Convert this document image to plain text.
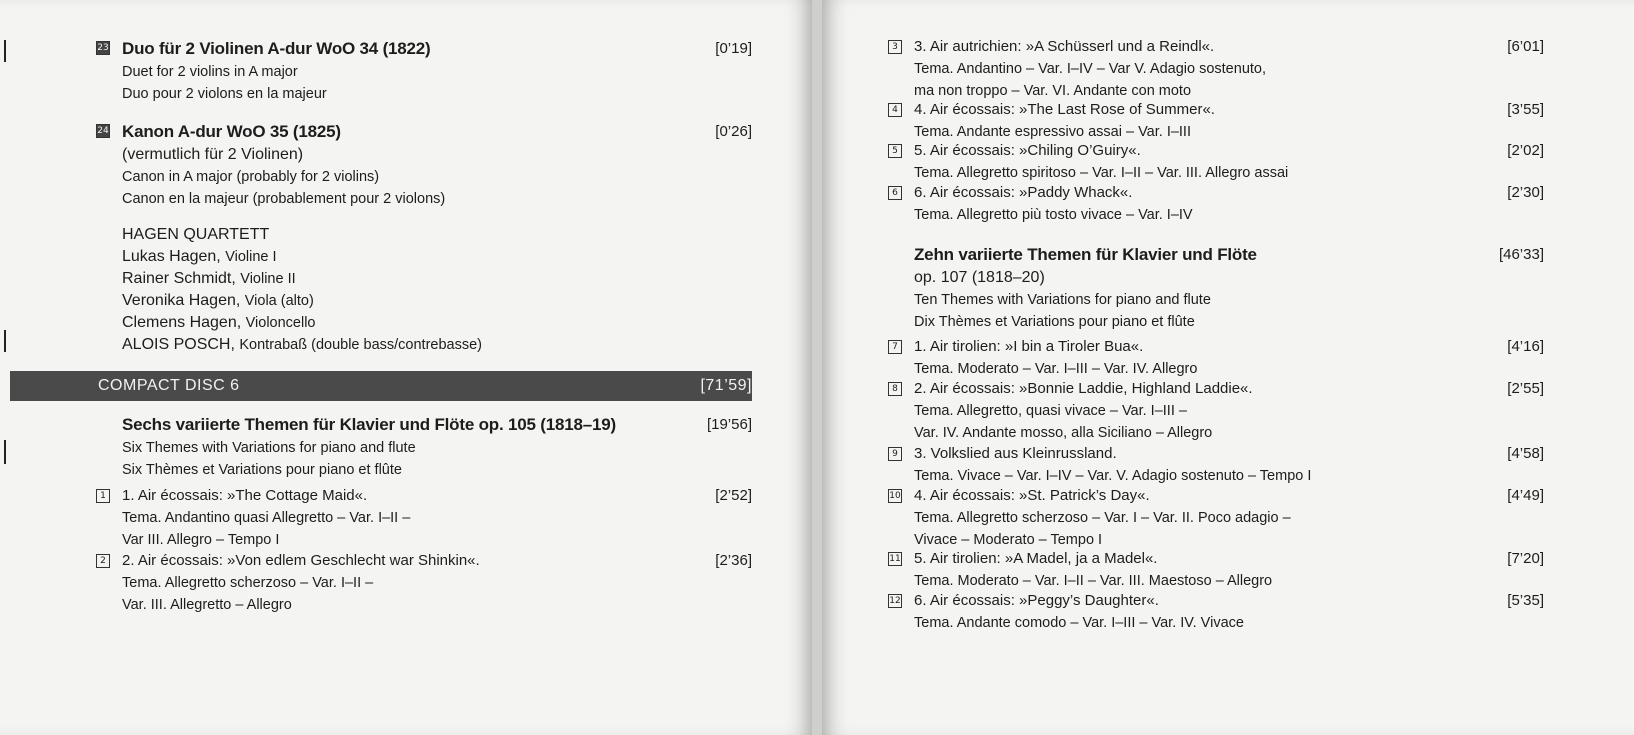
23 Duo für 2 Violinen A-dur WoO 34 (1822)	[0’19]
Duet for 2 violins in A major
Duo pour 2 violons en la majeur
24 Kanon A-dur WoO 35 (1825)	[0’26]
(vermutlich für 2 Violinen)
Canon in A major (probably for 2 violins)
Canon en la majeur (probablement pour 2 violons)
HAGEN QUARTETT
Lukas Hagen, Violine I
Rainer Schmidt, Violine II
Veronika Hagen, Viola (alto)
Clemens Hagen, Violoncello
ALOIS POSCH, Kontrabaß (double bass/contrebasse)
COMPACT DISC 6	[71’59]
Sechs variierte Themen für Klavier und Flöte op. 105 (1818–19)	[19’56]
Six Themes with Variations for piano and flute
Six Thèmes et Variations pour piano et flûte
1 1. Air écossais: »The Cottage Maid«.	[2’52]
Tema. Andantino quasi Allegretto – Var. I–II –
Var III. Allegro – Tempo I
2 2. Air écossais: »Von edlem Geschlecht war Shinkin«.	[2’36]
Tema. Allegretto scherzoso – Var. I–II –
Var. III. Allegretto – Allegro
3 3. Air autrichien: »A Schüsserl und a Reindl«.	[6’01]
Tema. Andantino – Var. I–IV – Var V. Adagio sostenuto,
ma non troppo – Var. VI. Andante con moto
4 4. Air écossais: »The Last Rose of Summer«.	[3’55]
Tema. Andante espressivo assai – Var. I–III
5 5. Air écossais: »Chiling O’Guiry«.	[2’02]
Tema. Allegretto spiritoso – Var. I–II – Var. III. Allegro assai
6 6. Air écossais: »Paddy Whack«.	[2’30]
Tema. Allegretto più tosto vivace – Var. I–IV
Zehn variierte Themen für Klavier und Flöte	[46’33]
op. 107 (1818–20)
Ten Themes with Variations for piano and flute
Dix Thèmes et Variations pour piano et flûte
7 1. Air tirolien: »I bin a Tiroler Bua«.	[4’16]
Tema. Moderato – Var. I–III – Var. IV. Allegro
8 2. Air écossais: »Bonnie Laddie, Highland Laddie«.	[2’55]
Tema. Allegretto, quasi vivace – Var. I–III –
Var. IV. Andante mosso, alla Siciliano – Allegro
9 3. Volkslied aus Kleinrussland.	[4’58]
Tema. Vivace – Var. I–IV – Var. V. Adagio sostenuto – Tempo I
10 4. Air écossais: »St. Patrick’s Day«.	[4’49]
Tema. Allegretto scherzoso – Var. I – Var. II. Poco adagio –
Vivace – Moderato – Tempo I
11 5. Air tirolien: »A Madel, ja a Madel«.	[7’20]
Tema. Moderato – Var. I–II – Var. III. Maestoso – Allegro
12 6. Air écossais: »Peggy’s Daughter«.	[5’35]
Tema. Andante comodo – Var. I–III – Var. IV. Vivace
